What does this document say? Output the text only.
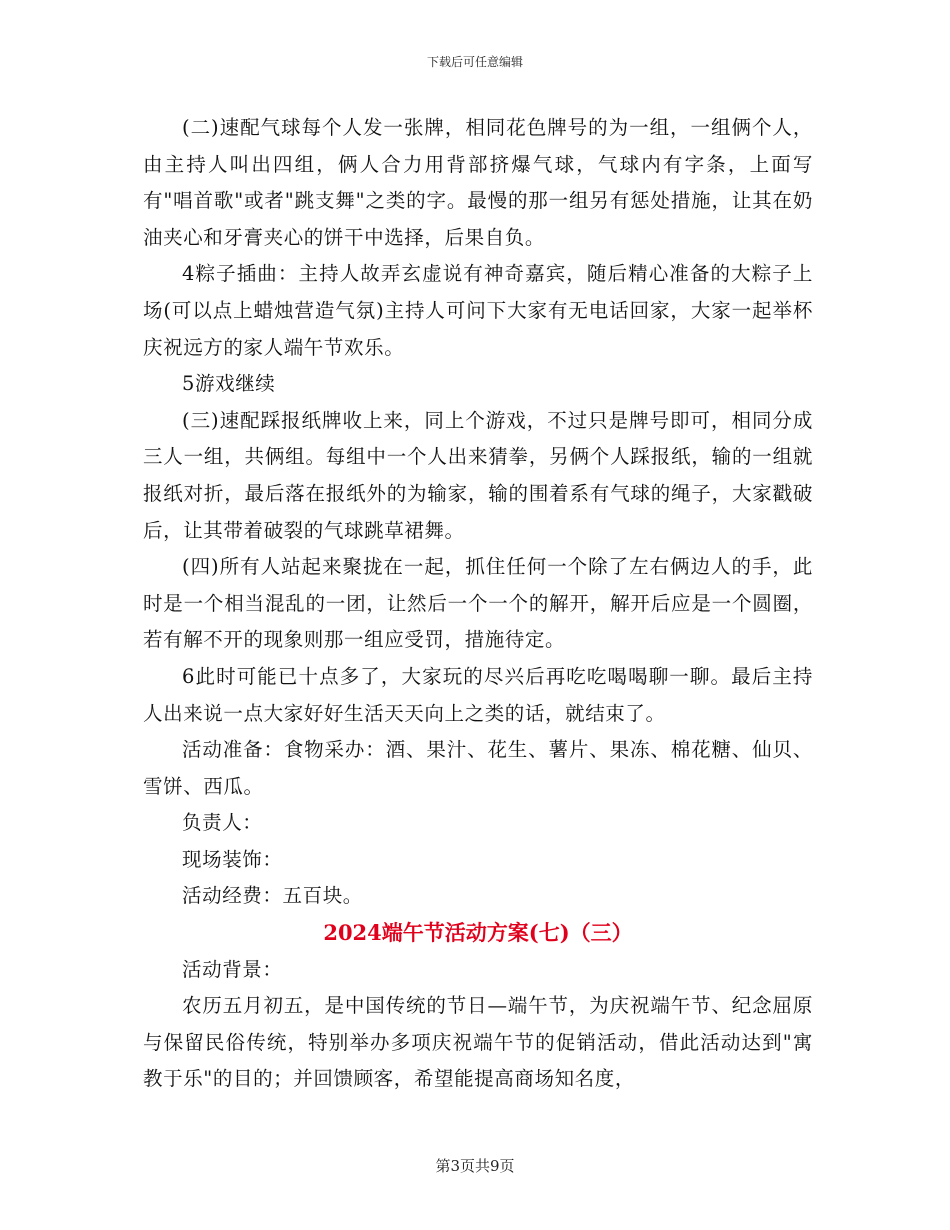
下载后可任意编辑

(二)速配气球每个人发一张牌，相同花色牌号的为一组，一组俩个人，由主持人叫出四组，俩人合力用背部挤爆气球，气球内有字条，上面写有"唱首歌"或者"跳支舞"之类的字。最慢的那一组另有惩处措施，让其在奶油夹心和牙膏夹心的饼干中选择，后果自负。

4粽子插曲：主持人故弄玄虚说有神奇嘉宾，随后精心准备的大粽子上场(可以点上蜡烛营造气氛)主持人可问下大家有无电话回家，大家一起举杯庆祝远方的家人端午节欢乐。

5游戏继续

(三)速配踩报纸牌收上来，同上个游戏，不过只是牌号即可，相同分成三人一组，共俩组。每组中一个人出来猜拳，另俩个人踩报纸，输的一组就报纸对折，最后落在报纸外的为输家，输的围着系有气球的绳子，大家戳破后，让其带着破裂的气球跳草裙舞。

(四)所有人站起来聚拢在一起，抓住任何一个除了左右俩边人的手，此时是一个相当混乱的一团，让然后一个一个的解开，解开后应是一个圆圈，若有解不开的现象则那一组应受罚，措施待定。

6此时可能已十点多了，大家玩的尽兴后再吃吃喝喝聊一聊。最后主持人出来说一点大家好好生活天天向上之类的话，就结束了。

活动准备：食物采办：酒、果汁、花生、薯片、果冻、棉花糖、仙贝、雪饼、西瓜。

负责人：

现场装饰：

活动经费：五百块。

2024端午节活动方案(七)（三）

活动背景：

农历五月初五，是中国传统的节日—端午节，为庆祝端午节、纪念屈原与保留民俗传统，特别举办多项庆祝端午节的促销活动，借此活动达到"寓教于乐"的目的；并回馈顾客，希望能提高商场知名度，

第3页共9页
